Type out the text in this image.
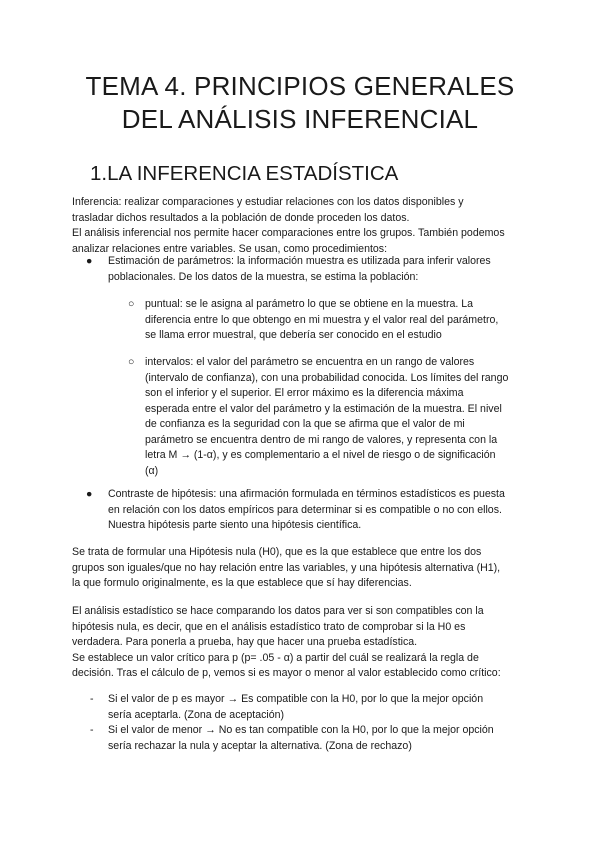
TEMA 4. PRINCIPIOS GENERALES
DEL ANÁLISIS INFERENCIAL
1.LA INFERENCIA ESTADÍSTICA
Inferencia: realizar comparaciones y estudiar relaciones con los datos disponibles y
trasladar dichos resultados a la población de donde proceden los datos.
El análisis inferencial nos permite hacer comparaciones entre los grupos. También podemos
analizar relaciones entre variables. Se usan, como procedimientos:
● Estimación de parámetros: la información muestra es utilizada para inferir valores
poblacionales. De los datos de la muestra, se estima la población:
○ puntual: se le asigna al parámetro lo que se obtiene en la muestra. La
diferencia entre lo que obtengo en mi muestra y el valor real del parámetro,
se llama error muestral, que debería ser conocido en el estudio
○ intervalos: el valor del parámetro se encuentra en un rango de valores
(intervalo de confianza), con una probabilidad conocida. Los límites del rango
son el inferior y el superior. El error máximo es la diferencia máxima
esperada entre el valor del parámetro y la estimación de la muestra. El nivel
de confianza es la seguridad con la que se afirma que el valor de mi
parámetro se encuentra dentro de mi rango de valores, y representa con la
letra M → (1-α), y es complementario a el nivel de riesgo o de significación
(α)
● Contraste de hipótesis: una afirmación formulada en términos estadísticos es puesta
en relación con los datos empíricos para determinar si es compatible o no con ellos.
Nuestra hipótesis parte siento una hipótesis científica.
Se trata de formular una Hipótesis nula (H0), que es la que establece que entre los dos
grupos son iguales/que no hay relación entre las variables, y una hipótesis alternativa (H1),
la que formulo originalmente, es la que establece que sí hay diferencias.
El análisis estadístico se hace comparando los datos para ver si son compatibles con la
hipótesis nula, es decir, que en el análisis estadístico trato de comprobar si la H0 es
verdadera. Para ponerla a prueba, hay que hacer una prueba estadística.
Se establece un valor crítico para p (p= .05 - α) a partir del cuál se realizará la regla de
decisión. Tras el cálculo de p, vemos si es mayor o menor al valor establecido como crítico:
- Si el valor de p es mayor → Es compatible con la H0, por lo que la mejor opción
sería aceptarla. (Zona de aceptación)
- Si el valor de menor → No es tan compatible con la H0, por lo que la mejor opción
sería rechazar la nula y aceptar la alternativa. (Zona de rechazo)
